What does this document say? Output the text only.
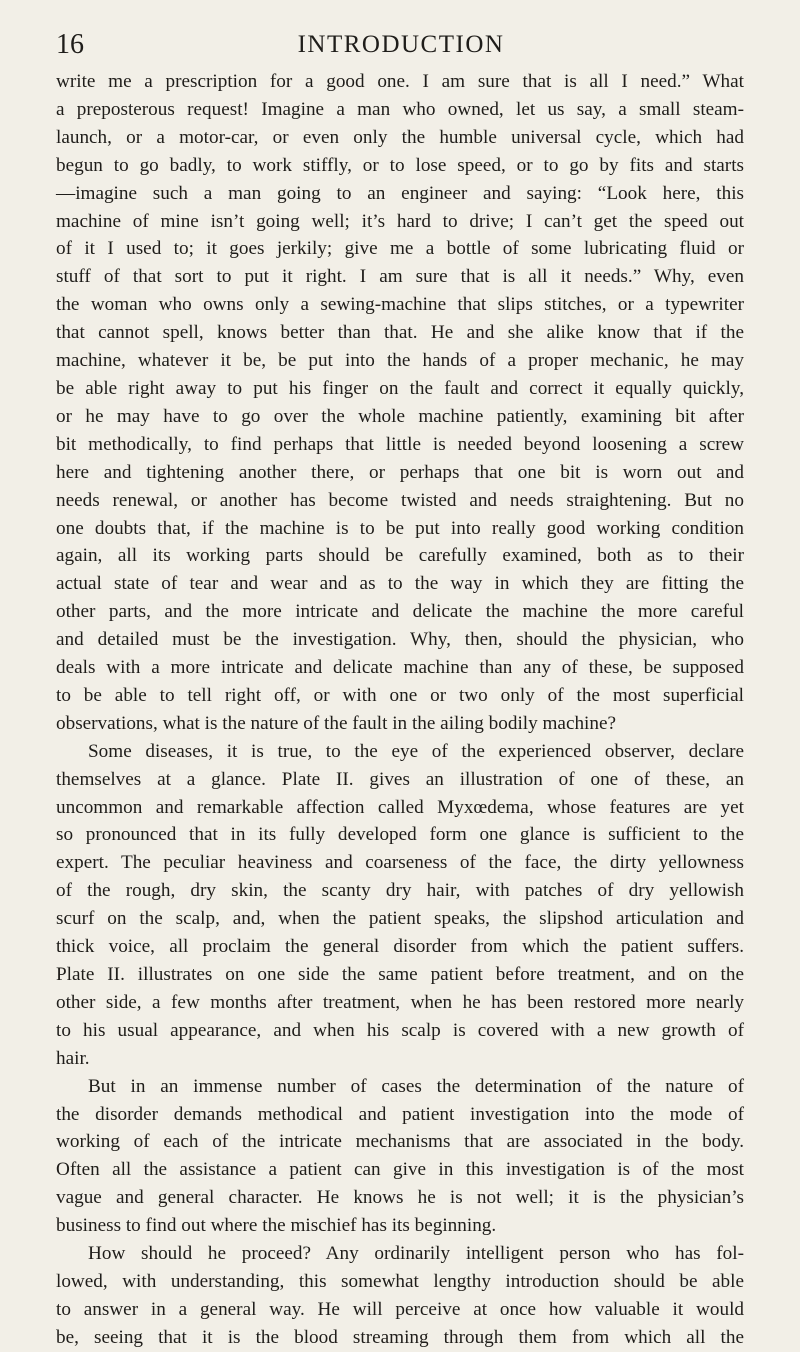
16	INTRODUCTION
write me a prescription for a good one. I am sure that is all I need.” What
a preposterous request! Imagine a man who owned, let us say, a small steam-
launch, or a motor-car, or even only the humble universal cycle, which had
begun to go badly, to work stiffly, or to lose speed, or to go by fits and starts
—imagine such a man going to an engineer and saying: “Look here, this
machine of mine isn’t going well; it’s hard to drive; I can’t get the speed out
of it I used to; it goes jerkily; give me a bottle of some lubricating fluid or
stuff of that sort to put it right. I am sure that is all it needs.” Why, even
the woman who owns only a sewing-machine that slips stitches, or a typewriter
that cannot spell, knows better than that. He and she alike know that if the
machine, whatever it be, be put into the hands of a proper mechanic, he may
be able right away to put his finger on the fault and correct it equally quickly,
or he may have to go over the whole machine patiently, examining bit after
bit methodically, to find perhaps that little is needed beyond loosening a screw
here and tightening another there, or perhaps that one bit is worn out and
needs renewal, or another has become twisted and needs straightening. But no
one doubts that, if the machine is to be put into really good working condition
again, all its working parts should be carefully examined, both as to their
actual state of tear and wear and as to the way in which they are fitting the
other parts, and the more intricate and delicate the machine the more careful
and detailed must be the investigation. Why, then, should the physician, who
deals with a more intricate and delicate machine than any of these, be supposed
to be able to tell right off, or with one or two only of the most superficial
observations, what is the nature of the fault in the ailing bodily machine?
Some diseases, it is true, to the eye of the experienced observer, declare
themselves at a glance. Plate II. gives an illustration of one of these, an
uncommon and remarkable affection called Myxœdema, whose features are yet
so pronounced that in its fully developed form one glance is sufficient to the
expert. The peculiar heaviness and coarseness of the face, the dirty yellowness
of the rough, dry skin, the scanty dry hair, with patches of dry yellowish
scurf on the scalp, and, when the patient speaks, the slipshod articulation and
thick voice, all proclaim the general disorder from which the patient suffers.
Plate II. illustrates on one side the same patient before treatment, and on the
other side, a few months after treatment, when he has been restored more nearly
to his usual appearance, and when his scalp is covered with a new growth of
hair.
But in an immense number of cases the determination of the nature of
the disorder demands methodical and patient investigation into the mode of
working of each of the intricate mechanisms that are associated in the body.
Often all the assistance a patient can give in this investigation is of the most
vague and general character. He knows he is not well; it is the physician’s
business to find out where the mischief has its beginning.
How should he proceed? Any ordinarily intelligent person who has fol-
lowed, with understanding, this somewhat lengthy introduction should be able
to answer in a general way. He will perceive at once how valuable it would
be, seeing that it is the blood streaming through them from which all the
